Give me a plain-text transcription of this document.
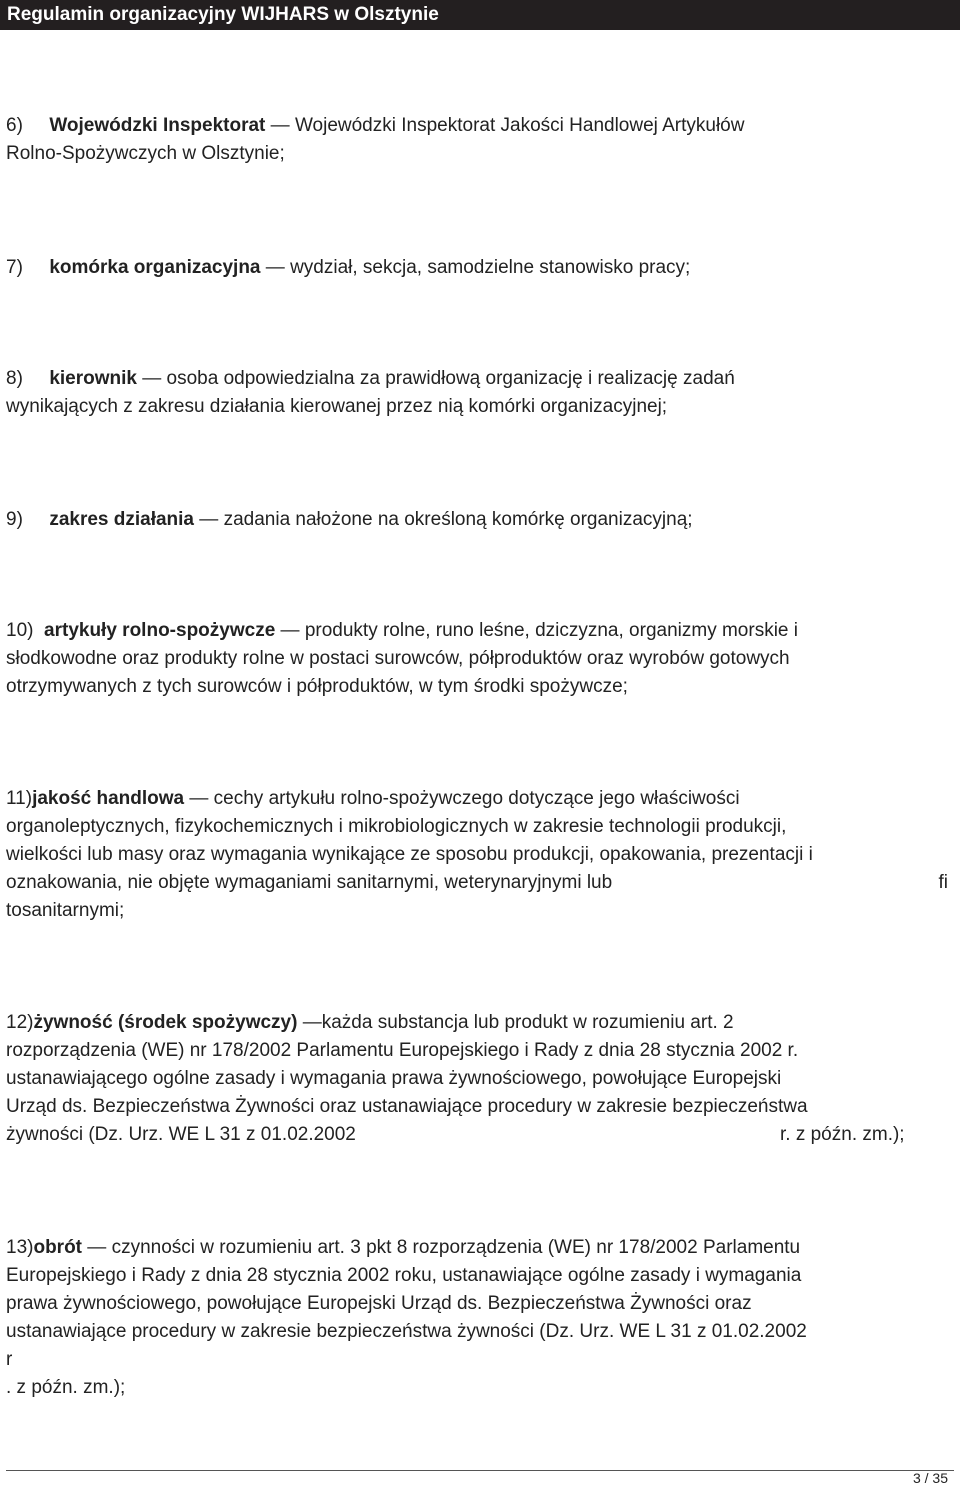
Regulamin organizacyjny WIJHARS w Olsztynie
6) Wojewódzki Inspektorat — Wojewódzki Inspektorat Jakości Handlowej Artykułów
Rolno-Spożywczych w Olsztynie;
7) komórka organizacyjna — wydział, sekcja, samodzielne stanowisko pracy;
8) kierownik — osoba odpowiedzialna za prawidłową organizację i realizację zadań
wynikających z zakresu działania kierowanej przez nią komórki organizacyjnej;
9) zakres działania — zadania nałożone na określoną komórkę organizacyjną;
10) artykuły rolno-spożywcze — produkty rolne, runo leśne, dziczyzna, organizmy morskie i
słodkowodne oraz produkty rolne w postaci surowców, półproduktów oraz wyrobów gotowych
otrzymywanych z tych surowców i półproduktów, w tym środki spożywcze;
11)jakość handlowa — cechy artykułu rolno-spożywczego dotyczące jego właściwości
organoleptycznych, fizykochemicznych i mikrobiologicznych w zakresie technologii produkcji,
wielkości lub masy oraz wymagania wynikające ze sposobu produkcji, opakowania, prezentacji i
oznakowania, nie objęte wymaganiami sanitarnymi, weterynaryjnymi lub	fi
tosanitarnymi;
12)żywność (środek spożywczy) —każda substancja lub produkt w rozumieniu art. 2
rozporządzenia (WE) nr 178/2002 Parlamentu Europejskiego i Rady z dnia 28 stycznia 2002 r.
ustanawiającego ogólne zasady i wymagania prawa żywnościowego, powołujące Europejski
Urząd ds. Bezpieczeństwa Żywności oraz ustanawiające procedury w zakresie bezpieczeństwa
żywności (Dz. Urz. WE L 31 z 01.02.2002	r. z późn. zm.);
13)obrót — czynności w rozumieniu art. 3 pkt 8 rozporządzenia (WE) nr 178/2002 Parlamentu
Europejskiego i Rady z dnia 28 stycznia 2002 roku, ustanawiające ogólne zasady i wymagania
prawa żywnościowego, powołujące Europejski Urząd ds. Bezpieczeństwa Żywności oraz
ustanawiające procedury w zakresie bezpieczeństwa żywności (Dz. Urz. WE L 31 z 01.02.2002
r
. z późn. zm.);
3 / 35
